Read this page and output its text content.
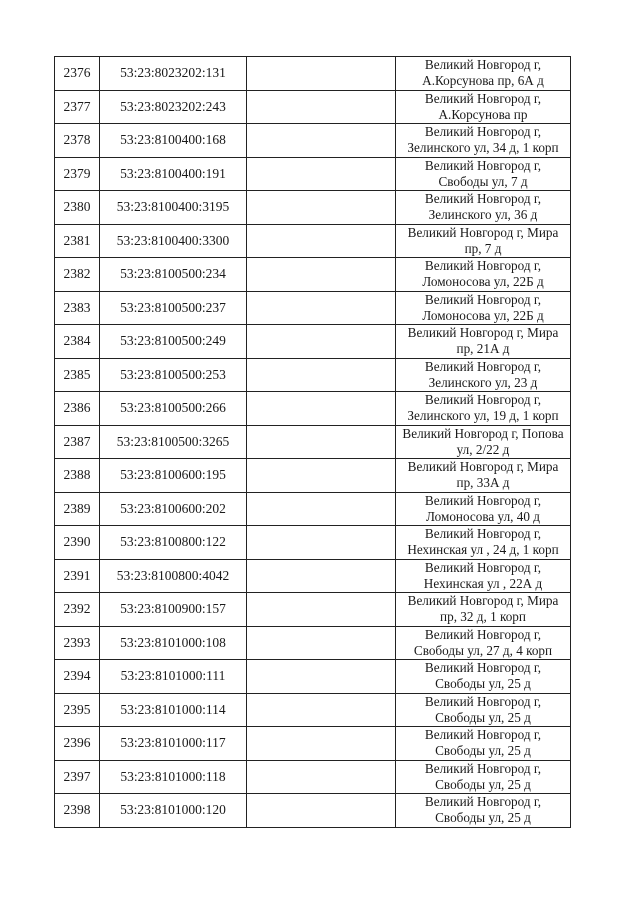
2376	53:23:8023202:131		Великий Новгород г,
А.Корсунова пр, 6А д

2377	53:23:8023202:243		Великий Новгород г,
А.Корсунова пр

2378	53:23:8100400:168		Великий Новгород г,
Зелинского ул, 34 д, 1 корп

2379	53:23:8100400:191		Великий Новгород г,
Свободы ул, 7 д

2380	53:23:8100400:3195		Великий Новгород г,
Зелинского ул, 36 д

2381	53:23:8100400:3300		Великий Новгород г, Мира
пр, 7 д

2382	53:23:8100500:234		Великий Новгород г,
Ломоносова ул, 22Б д

2383	53:23:8100500:237		Великий Новгород г,
Ломоносова ул, 22Б д

2384	53:23:8100500:249		Великий Новгород г, Мира
пр, 21А д

2385	53:23:8100500:253		Великий Новгород г,
Зелинского ул, 23 д

2386	53:23:8100500:266		Великий Новгород г,
Зелинского ул, 19 д, 1 корп

2387	53:23:8100500:3265		Великий Новгород г, Попова
ул, 2/22 д

2388	53:23:8100600:195		Великий Новгород г, Мира
пр, 33А д

2389	53:23:8100600:202		Великий Новгород г,
Ломоносова ул, 40 д

2390	53:23:8100800:122		Великий Новгород г,
Нехинская ул , 24 д, 1 корп

2391	53:23:8100800:4042		Великий Новгород г,
Нехинская ул , 22А д

2392	53:23:8100900:157		Великий Новгород г, Мира
пр, 32 д, 1 корп

2393	53:23:8101000:108		Великий Новгород г,
Свободы ул, 27 д, 4 корп

2394	53:23:8101000:111		Великий Новгород г,
Свободы ул, 25 д

2395	53:23:8101000:114		Великий Новгород г,
Свободы ул, 25 д

2396	53:23:8101000:117		Великий Новгород г,
Свободы ул, 25 д

2397	53:23:8101000:118		Великий Новгород г,
Свободы ул, 25 д

2398	53:23:8101000:120		Великий Новгород г,
Свободы ул, 25 д
